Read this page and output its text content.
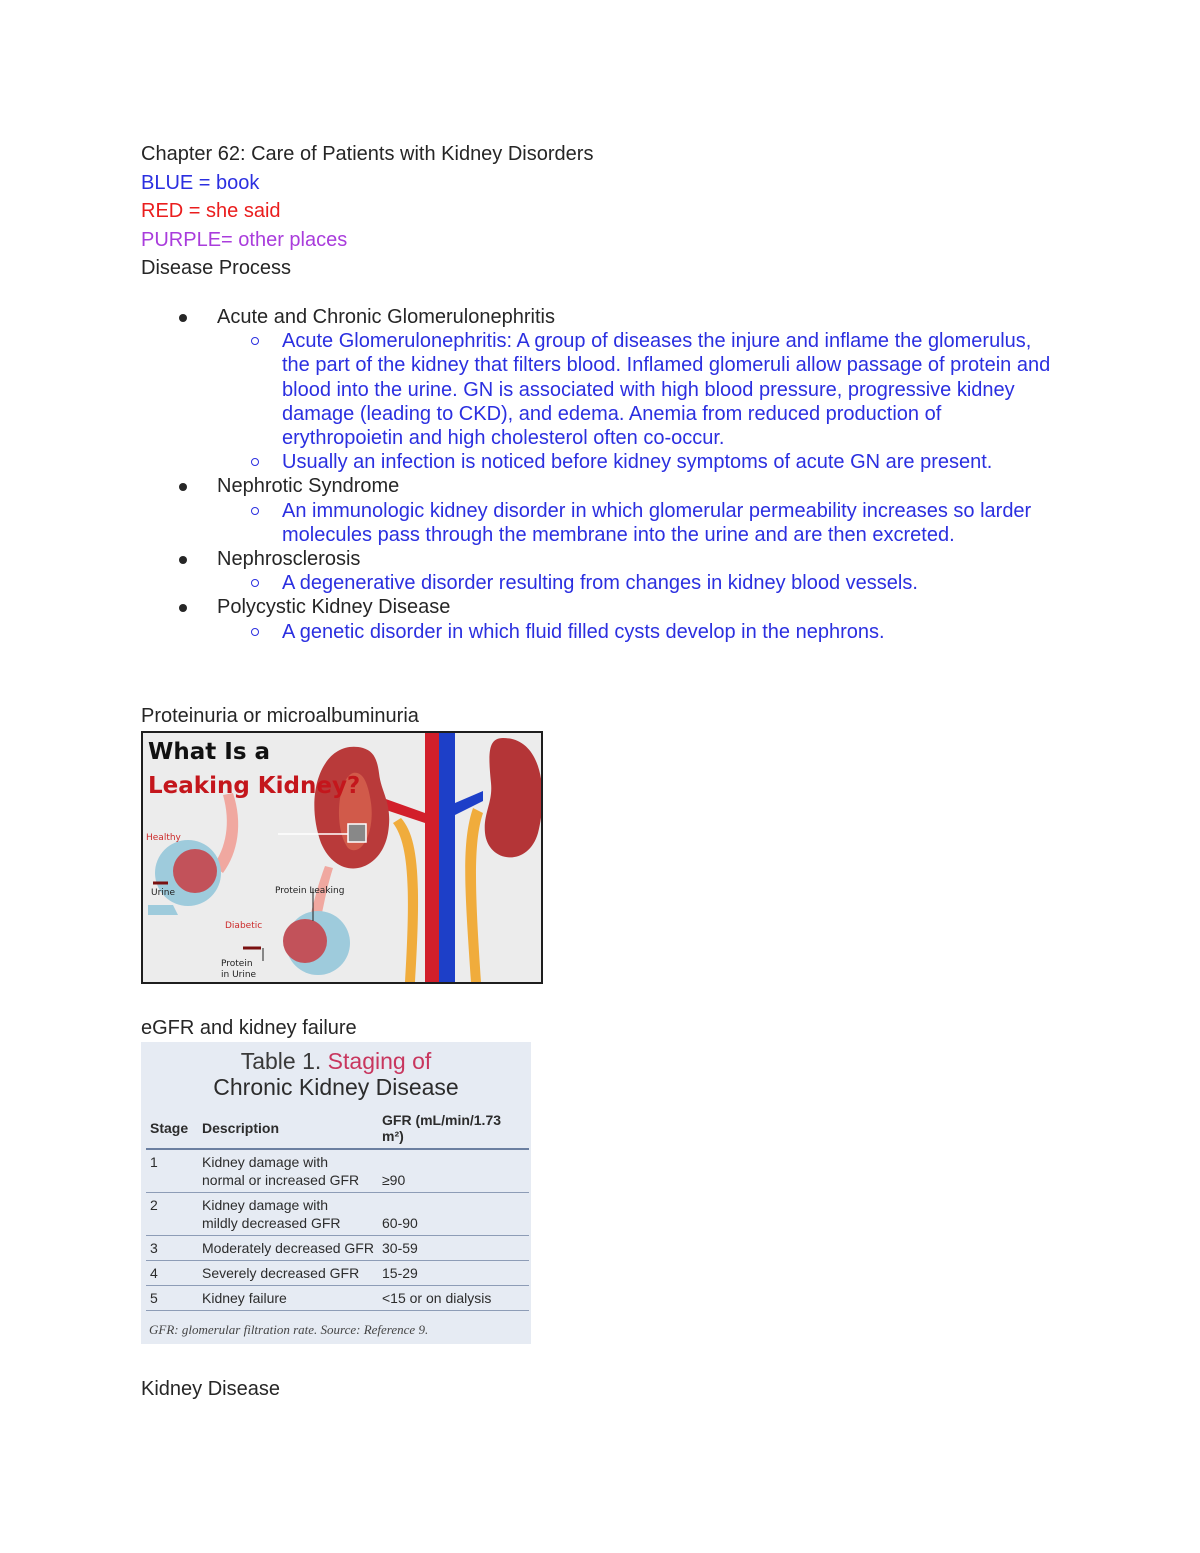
Chapter 62: Care of Patients with Kidney Disorders
BLUE = book
RED = she said
PURPLE= other places
Disease Process
Acute and Chronic Glomerulonephritis
Acute Glomerulonephritis: A group of diseases the injure and inflame the glomerulus, the part of the kidney that filters blood. Inflamed glomeruli allow passage of protein and blood into the urine. GN is associated with high blood pressure, progressive kidney damage (leading to CKD), and edema. Anemia from reduced production of erythropoietin and high cholesterol often co-occur.
Usually an infection is noticed before kidney symptoms of acute GN are present.
Nephrotic Syndrome
An immunologic kidney disorder in which glomerular permeability increases so larder molecules pass through the membrane into the urine and are then excreted.
Nephrosclerosis
A degenerative disorder resulting from changes in kidney blood vessels.
Polycystic Kidney Disease
A genetic disorder in which fluid filled cysts develop in the nephrons.
Proteinuria or microalbuminuria
What Is a
Leaking Kidney?
Healthy
Urine	Protein Leaking
Diabetic
Protein
in Urine
eGFR and kidney failure
Table 1. Staging of
Chronic Kidney Disease
Stage	Description	GFR (mL/min/1.73 m²)
1	Kidney damage with
normal or increased GFR	≥90
2	Kidney damage with
mildly decreased GFR	60-90
3	Moderately decreased GFR	30-59
4	Severely decreased GFR	15-29
5	Kidney failure	<15 or on dialysis
GFR: glomerular filtration rate. Source: Reference 9.
Kidney Disease
